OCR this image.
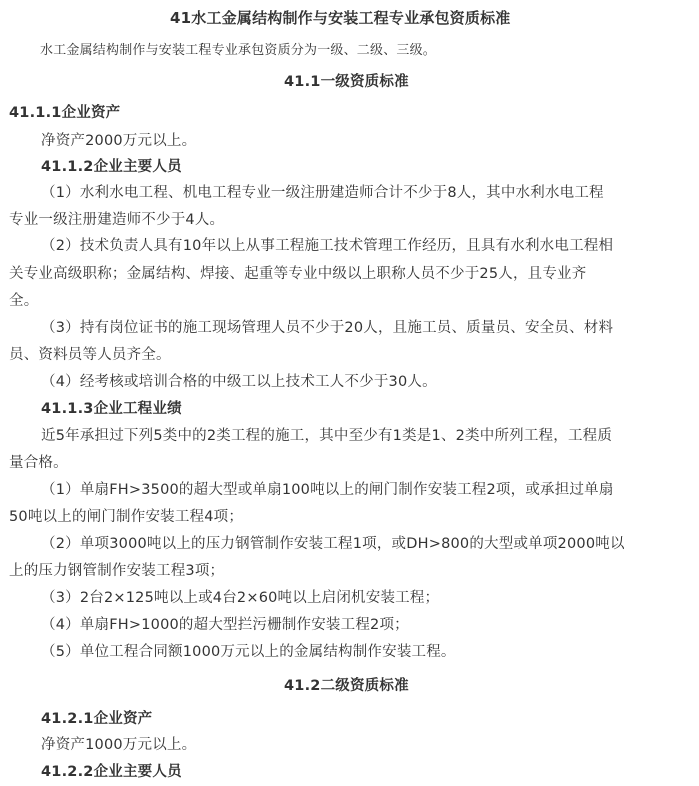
41水工金属结构制作与安装工程专业承包资质标准
水工金属结构制作与安装工程专业承包资质分为一级、二级、三级。
41.1一级资质标准
41.1.1企业资产
净资产2000万元以上。
41.1.2企业主要人员
（1）水利水电工程、机电工程专业一级注册建造师合计不少于8人，其中水利水电工程
专业一级注册建造师不少于4人。
（2）技术负责人具有10年以上从事工程施工技术管理工作经历，且具有水利水电工程相
关专业高级职称；金属结构、焊接、起重等专业中级以上职称人员不少于25人，且专业齐
全。
（3）持有岗位证书的施工现场管理人员不少于20人，且施工员、质量员、安全员、材料
员、资料员等人员齐全。
（4）经考核或培训合格的中级工以上技术工人不少于30人。
41.1.3企业工程业绩
近5年承担过下列5类中的2类工程的施工，其中至少有1类是1、2类中所列工程，工程质
量合格。
（1）单扇FH>3500的超大型或单扇100吨以上的闸门制作安装工程2项，或承担过单扇
50吨以上的闸门制作安装工程4项；
（2）单项3000吨以上的压力钢管制作安装工程1项，或DH>800的大型或单项2000吨以
上的压力钢管制作安装工程3项；
（3）2台2×125吨以上或4台2×60吨以上启闭机安装工程；
（4）单扇FH>1000的超大型拦污栅制作安装工程2项；
（5）单位工程合同额1000万元以上的金属结构制作安装工程。
41.2二级资质标准
41.2.1企业资产
净资产1000万元以上。
41.2.2企业主要人员
